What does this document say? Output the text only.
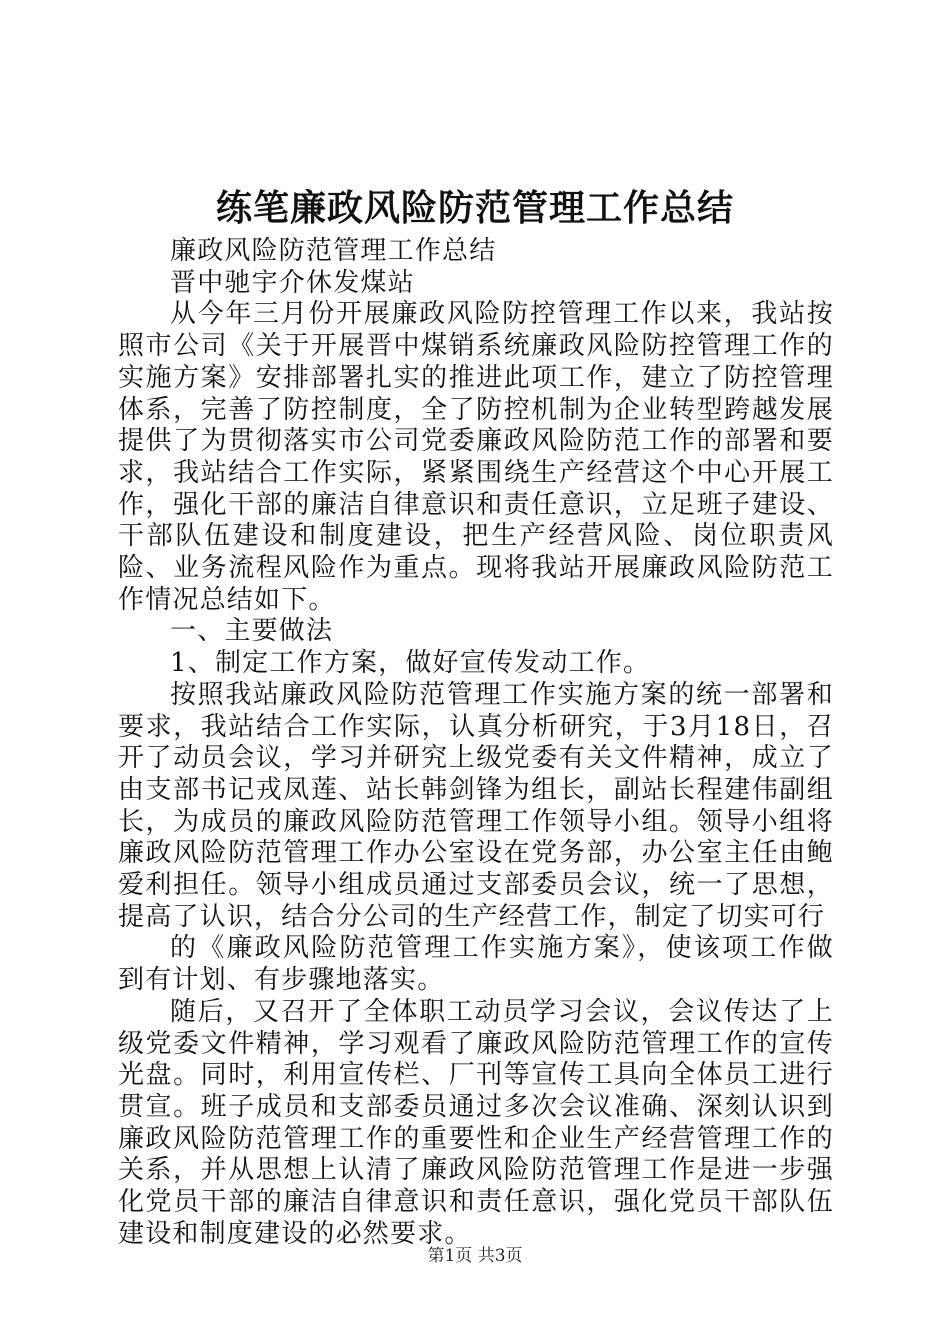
练笔廉政风险防范管理工作总结

廉政风险防范管理工作总结

晋中驰宇介休发煤站

从今年三月份开展廉政风险防控管理工作以来，我站按照市公司《关于开展晋中煤销系统廉政风险防控管理工作的实施方案》安排部署扎实的推进此项工作，建立了防控管理体系，完善了防控制度，全了防控机制为企业转型跨越发展提供了为贯彻落实市公司党委廉政风险防范工作的部署和要求，我站结合工作实际，紧紧围绕生产经营这个中心开展工作，强化干部的廉洁自律意识和责任意识，立足班子建设、干部队伍建设和制度建设，把生产经营风险、岗位职责风险、业务流程风险作为重点。现将我站开展廉政风险防范工作情况总结如下。

一、主要做法

1、制定工作方案，做好宣传发动工作。

按照我站廉政风险防范管理工作实施方案的统一部署和要求，我站结合工作实际，认真分析研究，于3月18日，召开了动员会议，学习并研究上级党委有关文件精神，成立了由支部书记戎凤莲、站长韩剑锋为组长，副站长程建伟副组长，为成员的廉政风险防范管理工作领导小组。领导小组将廉政风险防范管理工作办公室设在党务部，办公室主任由鲍爱利担任。领导小组成员通过支部委员会议，统一了思想，提高了认识，结合分公司的生产经营工作，制定了切实可行

的《廉政风险防范管理工作实施方案》，使该项工作做到有计划、有步骤地落实。

随后，又召开了全体职工动员学习会议，会议传达了上级党委文件精神，学习观看了廉政风险防范管理工作的宣传光盘。同时，利用宣传栏、厂刊等宣传工具向全体员工进行贯宣。班子成员和支部委员通过多次会议准确、深刻认识到廉政风险防范管理工作的重要性和企业生产经营管理工作的关系，并从思想上认清了廉政风险防范管理工作是进一步强化党员干部的廉洁自律意识和责任意识，强化党员干部队伍建设和制度建设的必然要求。

第1页 共3页
